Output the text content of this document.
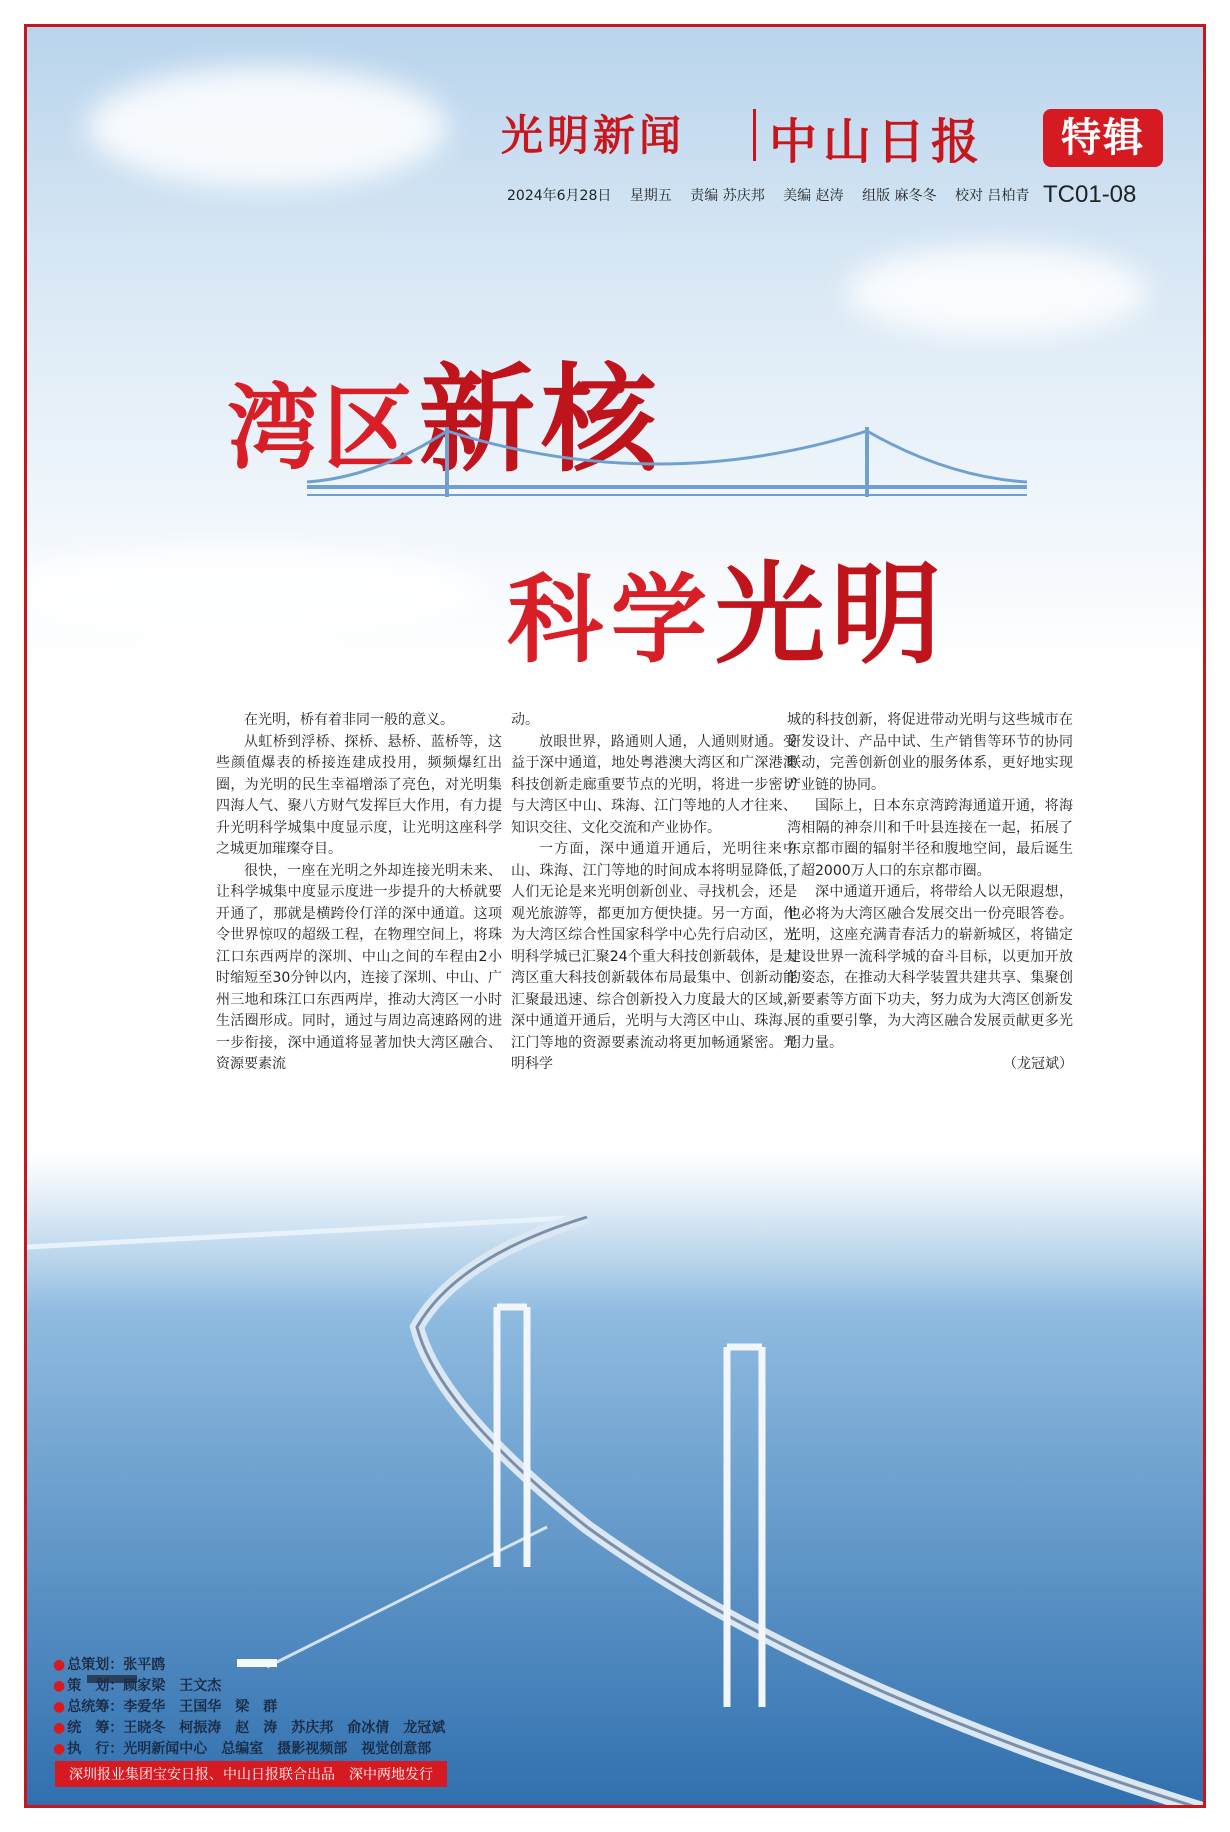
光明新闻 中山日报	特辑
2024年6月28日 星期五 责编 苏庆邦 美编 赵涛 组版 麻冬冬 校对 吕柏青 TC01-08
湾区新核
科学光明

在光明，桥有着非同一般的意义。

从虹桥到浮桥、探桥、悬桥、蓝桥等，这些颜值爆表的桥接连建成投用，频频爆红出圈，为光明的民生幸福增添了亮色，对光明集四海人气、聚八方财气发挥巨大作用，有力提升光明科学城集中度显示度，让光明这座科学之城更加璀璨夺目。

很快，一座在光明之外却连接光明未来、让科学城集中度显示度进一步提升的大桥就要开通了，那就是横跨伶仃洋的深中通道。这项令世界惊叹的超级工程，在物理空间上，将珠江口东西两岸的深圳、中山之间的车程由2小时缩短至30分钟以内，连接了深圳、中山、广州三地和珠江口东西两岸，推动大湾区一小时生活圈形成。同时，通过与周边高速路网的进一步衔接，深中通道将显著加快大湾区融合、资源要素流

动。

放眼世界，路通则人通，人通则财通。受益于深中通道，地处粤港澳大湾区和广深港澳科技创新走廊重要节点的光明，将进一步密切与大湾区中山、珠海、江门等地的人才往来、知识交往、文化交流和产业协作。

一方面，深中通道开通后，光明往来中山、珠海、江门等地的时间成本将明显降低，人们无论是来光明创新创业、寻找机会，还是观光旅游等，都更加方便快捷。另一方面，作为大湾区综合性国家科学中心先行启动区，光明科学城已汇聚24个重大科技创新载体，是大湾区重大科技创新载体布局最集中、创新动能汇聚最迅速、综合创新投入力度最大的区域，深中通道开通后，光明与大湾区中山、珠海、江门等地的资源要素流动将更加畅通紧密。光明科学

城的科技创新，将促进带动光明与这些城市在研发设计、产品中试、生产销售等环节的协同联动，完善创新创业的服务体系，更好地实现产业链的协同。

国际上，日本东京湾跨海通道开通，将海湾相隔的神奈川和千叶县连接在一起，拓展了东京都市圈的辐射半径和腹地空间，最后诞生了超2000万人口的东京都市圈。

深中通道开通后，将带给人以无限遐想，也必将为大湾区融合发展交出一份亮眼答卷。光明，这座充满青春活力的崭新城区，将锚定建设世界一流科学城的奋斗目标，以更加开放的姿态，在推动大科学装置共建共享、集聚创新要素等方面下功夫，努力成为大湾区创新发展的重要引擎，为大湾区融合发展贡献更多光明力量。

（龙冠斌）

● 总策划：张平鸥
● 策　划：顾家梁　王文杰
● 总统筹：李爱华　王国华　梁　群
● 统　筹：王晓冬　柯振涛　赵　涛　苏庆邦　俞冰倩　龙冠斌
● 执　行：光明新闻中心　总编室　摄影视频部　视觉创意部
深圳报业集团宝安日报、中山日报联合出品　深中两地发行
